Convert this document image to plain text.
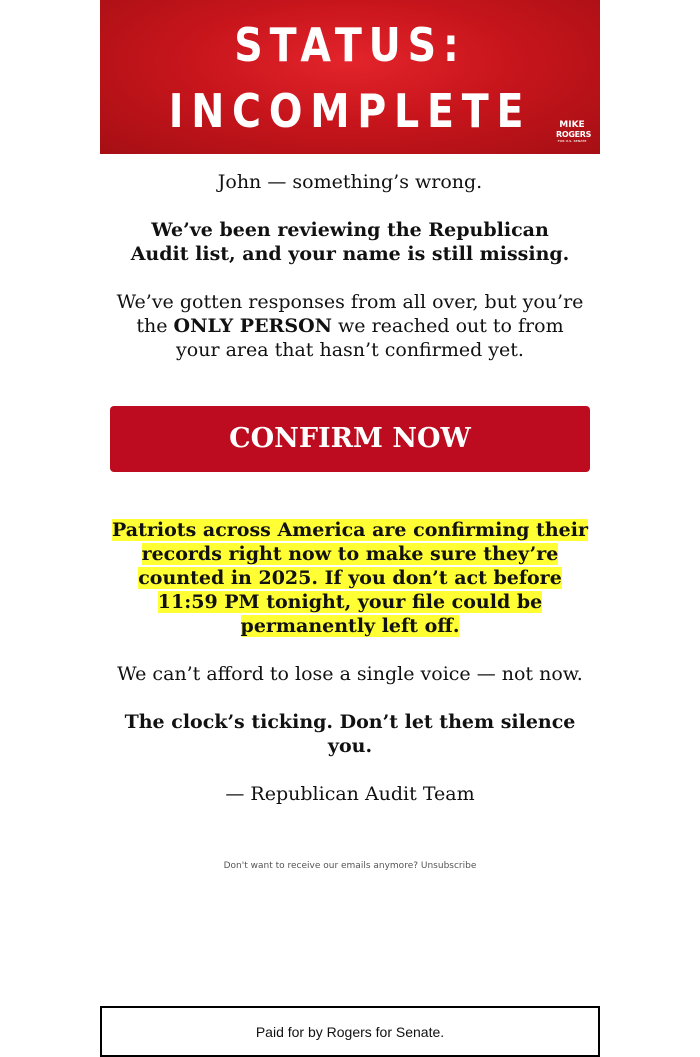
STATUS:
INCOMPLETE	MIKE
ROGERS
FOR U.S. SENATE

John — something’s wrong.

We’ve been reviewing the Republican Audit list, and your name is still missing.

We’ve gotten responses from all over, but you’re the ONLY PERSON we reached out to from your area that hasn’t confirmed yet.

CONFIRM NOW

Patriots across America are confirming their records right now to make sure they’re counted in 2025. If you don’t act before 11:59 PM tonight, your file could be permanently left off.

We can’t afford to lose a single voice — not now.

The clock’s ticking. Don’t let them silence you.

— Republican Audit Team

Don't want to receive our emails anymore? Unsubscribe
Paid for by Rogers for Senate.
